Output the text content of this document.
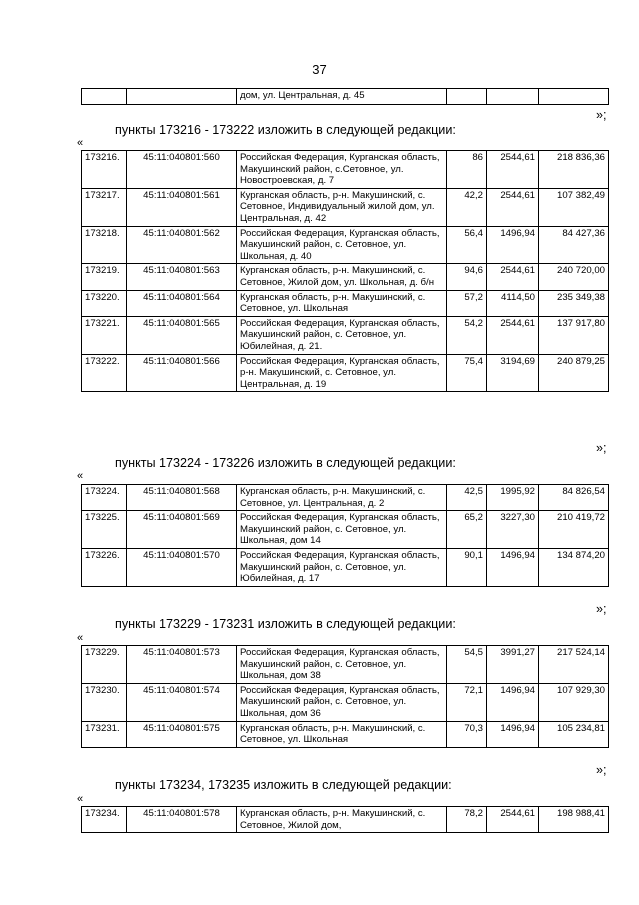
37
		дом, ул. Центральная, д. 45			
»;
пункты 173216 - 173222 изложить в следующей редакции:
«
173216.	45:11:040801:560	Российская Федерация, Курганская область, Макушинский район, с.Сетовное, ул. Новостроевская, д. 7	86	2544,61	218 836,36
173217.	45:11:040801:561	Курганская область, р-н. Макушинский, с. Сетовное, Индивидуальный жилой дом, ул. Центральная, д. 42	42,2	2544,61	107 382,49
173218.	45:11:040801:562	Российская Федерация, Курганская область, Макушинский район, с. Сетовное, ул. Школьная, д. 40	56,4	1496,94	84 427,36
173219.	45:11:040801:563	Курганская область, р-н. Макушинский, с. Сетовное, Жилой дом, ул. Школьная, д. б/н	94,6	2544,61	240 720,00
173220.	45:11:040801:564	Курганская область, р-н. Макушинский, с. Сетовное, ул. Школьная	57,2	4114,50	235 349,38
173221.	45:11:040801:565	Российская Федерация, Курганская область, Макушинский район, с. Сетовное, ул. Юбилейная, д. 21.	54,2	2544,61	137 917,80
173222.	45:11:040801:566	Российская Федерация, Курганская область, р-н. Макушинский, с. Сетовное, ул. Центральная, д. 19	75,4	3194,69	240 879,25
»;
пункты 173224 - 173226 изложить в следующей редакции:
«
173224.	45:11:040801:568	Курганская область, р-н. Макушинский, с. Сетовное, ул. Центральная, д. 2	42,5	1995,92	84 826,54
173225.	45:11:040801:569	Российская Федерация, Курганская область, Макушинский район, с. Сетовное, ул. Школьная, дом 14	65,2	3227,30	210 419,72
173226.	45:11:040801:570	Российская Федерация, Курганская область, Макушинский район, с. Сетовное, ул. Юбилейная, д. 17	90,1	1496,94	134 874,20
»;
пункты 173229 - 173231 изложить в следующей редакции:
«
173229.	45:11:040801:573	Российская Федерация, Курганская область, Макушинский район, с. Сетовное, ул. Школьная, дом 38	54,5	3991,27	217 524,14
173230.	45:11:040801:574	Российская Федерация, Курганская область, Макушинский район, с. Сетовное, ул. Школьная, дом 36	72,1	1496,94	107 929,30
173231.	45:11:040801:575	Курганская область, р-н. Макушинский, с. Сетовное, ул. Школьная	70,3	1496,94	105 234,81
»;
пункты 173234, 173235 изложить в следующей редакции:
«
173234.	45:11:040801:578	Курганская область, р-н. Макушинский, с. Сетовное, Жилой дом,	78,2	2544,61	198 988,41
